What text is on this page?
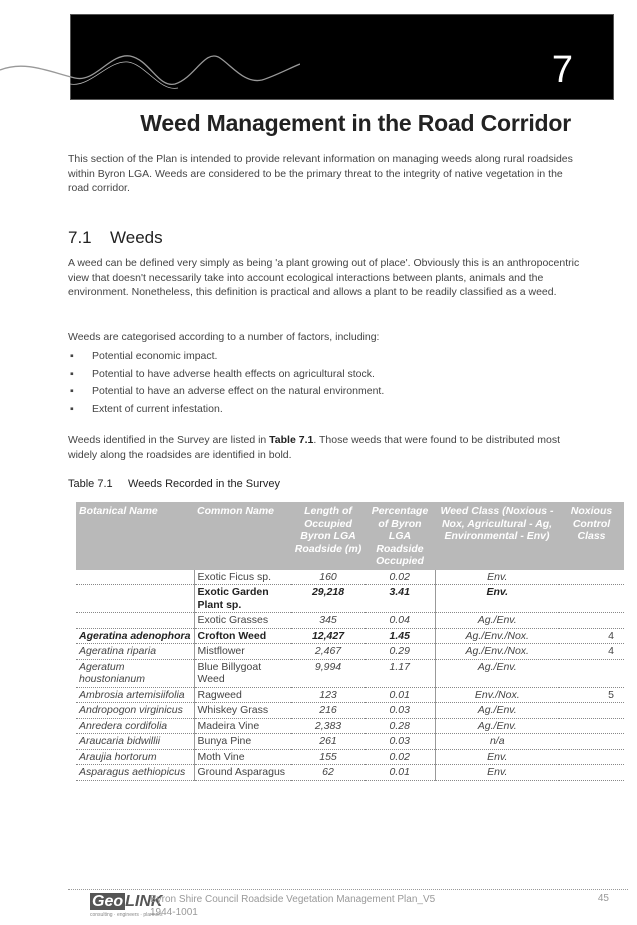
7
Weed Management in the Road Corridor
This section of the Plan is intended to provide relevant information on managing weeds along rural roadsides within Byron LGA. Weeds are considered to be the primary threat to the integrity of native vegetation in the road corridor.
7.1 Weeds
A weed can be defined very simply as being 'a plant growing out of place'. Obviously this is an anthropocentric view that doesn't necessarily take into account ecological interactions between plants, animals and the environment. Nonetheless, this definition is practical and allows a plant to be readily classified as a weed.
Weeds are categorised according to a number of factors, including:
▪ Potential economic impact.
▪ Potential to have adverse health effects on agricultural stock.
▪ Potential to have an adverse effect on the natural environment.
▪ Extent of current infestation.
Weeds identified in the Survey are listed in Table 7.1. Those weeds that were found to be distributed most widely along the roadsides are identified in bold.
Table 7.1 Weeds Recorded in the Survey
Botanical Name	Common Name	Length of Occupied Byron LGA Roadside (m)	Percentage of Byron LGA Roadside Occupied	Weed Class (Noxious - Nox, Agricultural - Ag, Environmental - Env)	Noxious Control Class
	Exotic Ficus sp.	160	0.02	Env.	
	Exotic Garden Plant sp.	29,218	3.41	Env.	
	Exotic Grasses	345	0.04	Ag./Env.	
Ageratina adenophora	Crofton Weed	12,427	1.45	Ag./Env./Nox.	4
Ageratina riparia	Mistflower	2,467	0.29	Ag./Env./Nox.	4
Ageratum houstonianum	Blue Billygoat Weed	9,994	1.17	Ag./Env.	
Ambrosia artemisiifolia	Ragweed	123	0.01	Env./Nox.	5
Andropogon virginicus	Whiskey Grass	216	0.03	Ag./Env.	
Anredera cordifolia	Madeira Vine	2,383	0.28	Ag./Env.	
Araucaria bidwillii	Bunya Pine	261	0.03	n/a	
Araujia hortorum	Moth Vine	155	0.02	Env.	
Asparagus aethiopicus	Ground Asparagus	62	0.01	Env.	
Geo LINK
consulting · engineers · planners
Byron Shire Council Roadside Vegetation Management Plan_V5
1944-1001
45
